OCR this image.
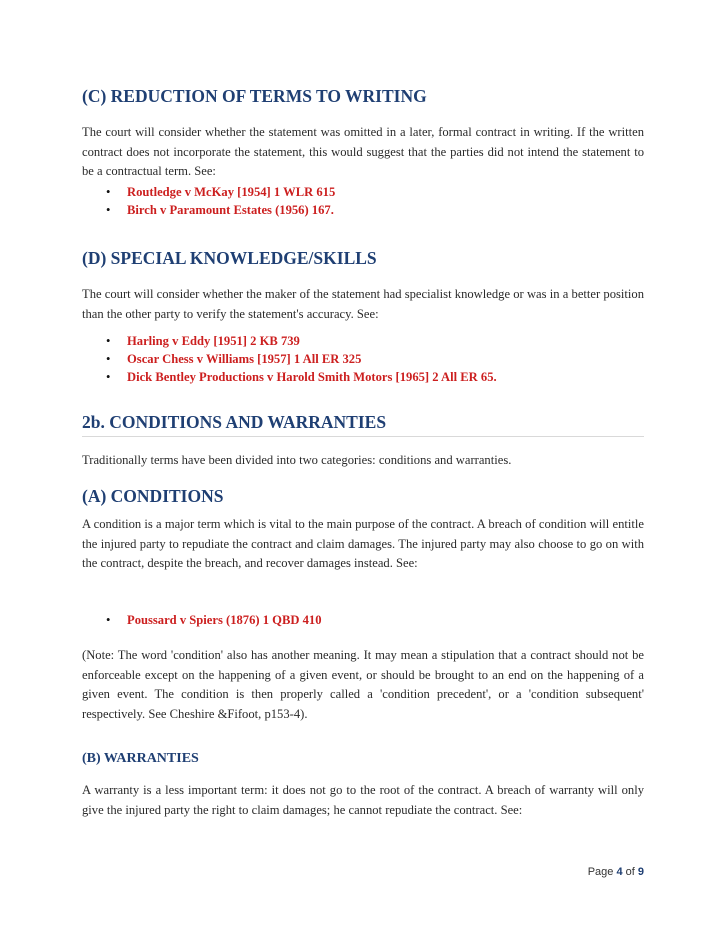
(C) REDUCTION OF TERMS TO WRITING

The court will consider whether the statement was omitted in a later, formal contract in writing. If the written contract does not incorporate the statement, this would suggest that the parties did not intend the statement to be a contractual term. See:

• Routledge v McKay [1954] 1 WLR 615
• Birch v Paramount Estates (1956) 167.
(D) SPECIAL KNOWLEDGE/SKILLS

The court will consider whether the maker of the statement had specialist knowledge or was in a better position than the other party to verify the statement's accuracy. See:

• Harling v Eddy [1951] 2 KB 739
• Oscar Chess v Williams [1957] 1 All ER 325
• Dick Bentley Productions v Harold Smith Motors [1965] 2 All ER 65.
2b. CONDITIONS AND WARRANTIES

Traditionally terms have been divided into two categories: conditions and warranties.

(A) CONDITIONS

A condition is a major term which is vital to the main purpose of the contract. A breach of condition will entitle the injured party to repudiate the contract and claim damages. The injured party may also choose to go on with the contract, despite the breach, and recover damages instead. See:

• Poussard v Spiers (1876) 1 QBD 410

(Note: The word 'condition' also has another meaning. It may mean a stipulation that a contract should not be enforceable except on the happening of a given event, or should be brought to an end on the happening of a given event. The condition is then properly called a 'condition precedent', or a 'condition subsequent' respectively. See Cheshire &Fifoot, p153-4).

(B) WARRANTIES

A warranty is a less important term: it does not go to the root of the contract. A breach of warranty will only give the injured party the right to claim damages; he cannot repudiate the contract. See:

Page 4 of 9
